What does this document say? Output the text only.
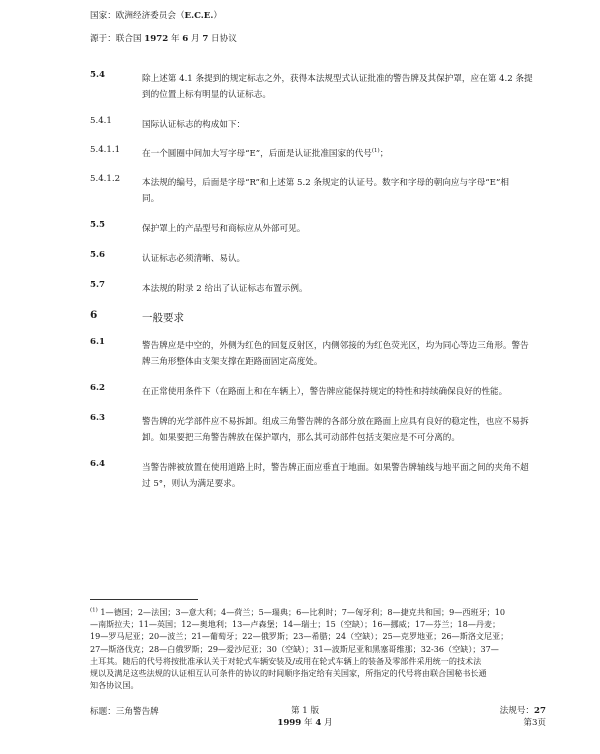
国家：欧洲经济委员会（E.C.E.）
源于：联合国 1972 年 6 月 7 日协议
5.4	除上述第 4.1 条提到的规定标志之外，获得本法规型式认证批准的警告牌及其保护罩，应在第 4.2 条提
到的位置上标有明显的认证标志。
5.4.1	国际认证标志的构成如下：
5.4.1.1	在一个圆圈中间加大写字母“E”，后面是认证批准国家的代号$^{(1)}$；
5.4.1.2	本法规的编号，后面是字母“R”和上述第 5.2 条规定的认证号。数字和字母的朝向应与字母“E”相
同。
5.5	保护罩上的产品型号和商标应从外部可见。
5.6	认证标志必须清晰、易认。
5.7	本法规的附录 2 给出了认证标志布置示例。
6	一般要求
6.1	警告牌应是中空的，外侧为红色的回复反射区，内侧邻接的为红色荧光区，均为同心等边三角形。警告
牌三角形整体由支架支撑在距路面固定高度处。
6.2	在正常使用条件下（在路面上和在车辆上），警告牌应能保持规定的特性和持续确保良好的性能。
6.3	警告牌的光学部件应不易拆卸。组成三角警告牌的各部分放在路面上应具有良好的稳定性，也应不易拆
卸。如果要把三角警告牌放在保护罩内，那么其可动部件包括支架应是不可分离的。
6.4	当警告牌被放置在使用道路上时，警告牌正面应垂直于地面。如果警告牌轴线与地平面之间的夹角不超
过 5°，则认为满足要求。
$^{(1)}$ 1—德国；2—法国；3—意大利；4—荷兰；5—瑞典；6—比利时；7—匈牙利；8—捷克共和国；9—西班牙；10
—南斯拉夫；11—英国；12—奥地利；13—卢森堡；14—瑞士；15（空缺）；16—挪威；17—芬兰；18—丹麦；
19—罗马尼亚；20—波兰；21—葡萄牙；22—俄罗斯；23—希腊；24（空缺）；25—克罗地亚；26—斯洛文尼亚；
27—斯洛伐克；28—白俄罗斯；29—爱沙尼亚；30（空缺）；31—波斯尼亚和黑塞哥维那；32-36（空缺）；37—
土耳其。随后的代号将按批准承认关于对轮式车辆安装及/或用在轮式车辆上的装备及零部件采用统一的技术法
规以及满足这些法规的认证相互认可条件的协议的时间顺序指定给有关国家，所指定的代号将由联合国秘书长通
知各协议国。
标题：三角警告牌	第 1 版
1999 年 4 月
法规号：27
第3页
